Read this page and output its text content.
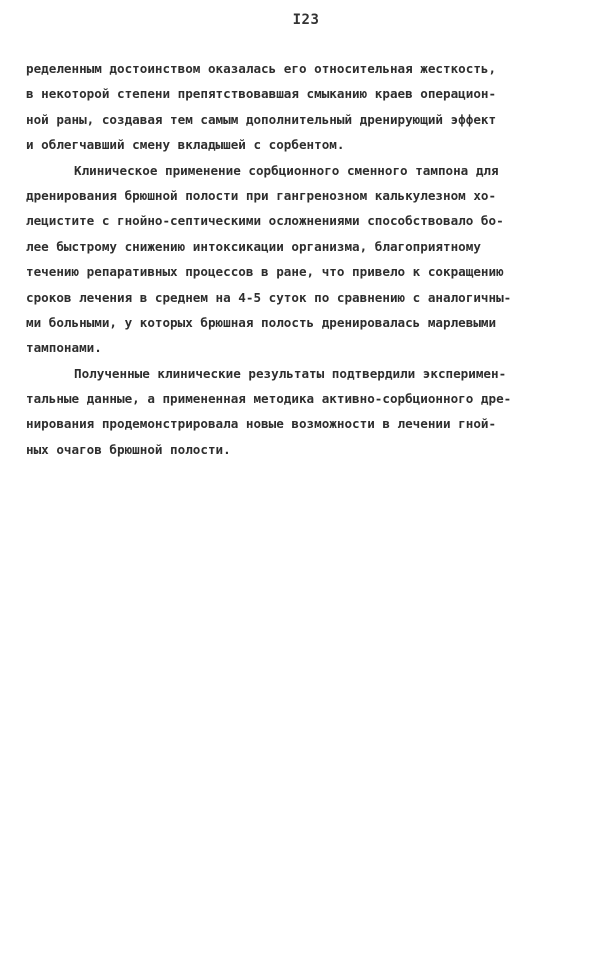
I23
ределенным достоинством оказалась его относительная жесткость,
в некоторой степени препятствовавшая смыканию краев операцион-
ной раны, создавая тем самым дополнительный дренирующий эффект
и облегчавший смену вкладышей с сорбентом.
Клиническое применение сорбционного сменного тампона для
дренирования брюшной полости при гангренозном калькулезном хо-
лецистите с гнойно-септическими осложнениями способствовало бо-
лее быстрому снижению интоксикации организма, благоприятному
течению репаративных процессов в ране, что привело к сокращению
сроков лечения в среднем на 4-5 суток по сравнению с аналогичны-
ми больными, у которых брюшная полость дренировалась марлевыми
тампонами.
Полученные клинические результаты подтвердили эксперимен-
тальные данные, а примененная методика активно-сорбционного дре-
нирования продемонстрировала новые возможности в лечении гной-
ных очагов брюшной полости.
